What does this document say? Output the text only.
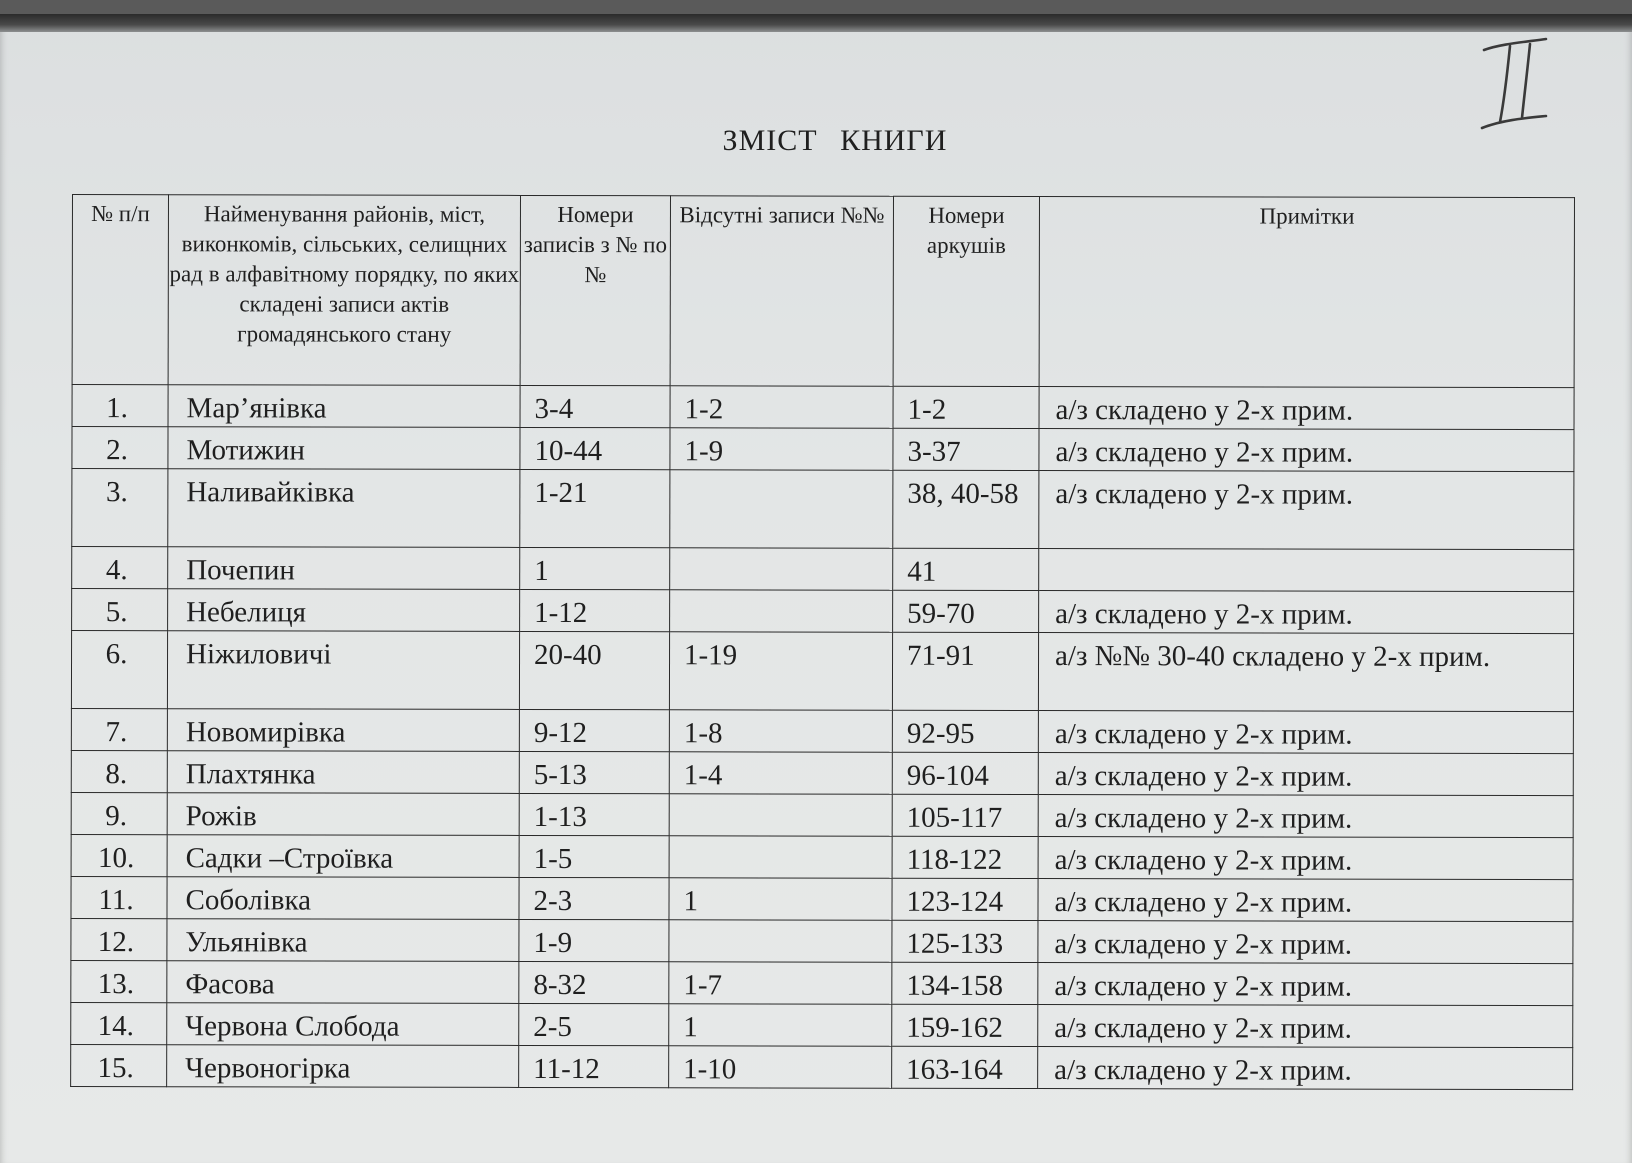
ЗМІСТ КНИГИ
№ п/п	Найменування районів, міст, виконкомів, сільських, селищних рад в алфавітному порядку, по яких складені записи актів громадянського стану	Номери записів з № по №	Відсутні записи №№	Номери аркушів	Примітки
1.	Мар’янівка	3-4	1-2	1-2	а/з складено у 2-х прим.
2.	Мотижин	10-44	1-9	3-37	а/з складено у 2-х прим.
3.	Наливайківка	1-21		38, 40-58	а/з складено у 2-х прим.
4.	Почепин	1		41	
5.	Небелиця	1-12		59-70	а/з складено у 2-х прим.
6.	Ніжиловичі	20-40	1-19	71-91	а/з №№ 30-40 складено у 2-х прим.
7.	Новомирівка	9-12	1-8	92-95	а/з складено у 2-х прим.
8.	Плахтянка	5-13	1-4	96-104	а/з складено у 2-х прим.
9.	Рожів	1-13		105-117	а/з складено у 2-х прим.
10.	Садки –Строївка	1-5		118-122	а/з складено у 2-х прим.
11.	Соболівка	2-3	1	123-124	а/з складено у 2-х прим.
12.	Ульянівка	1-9		125-133	а/з складено у 2-х прим.
13.	Фасова	8-32	1-7	134-158	а/з складено у 2-х прим.
14.	Червона Слобода	2-5	1	159-162	а/з складено у 2-х прим.
15.	Червоногірка	11-12	1-10	163-164	а/з складено у 2-х прим.
